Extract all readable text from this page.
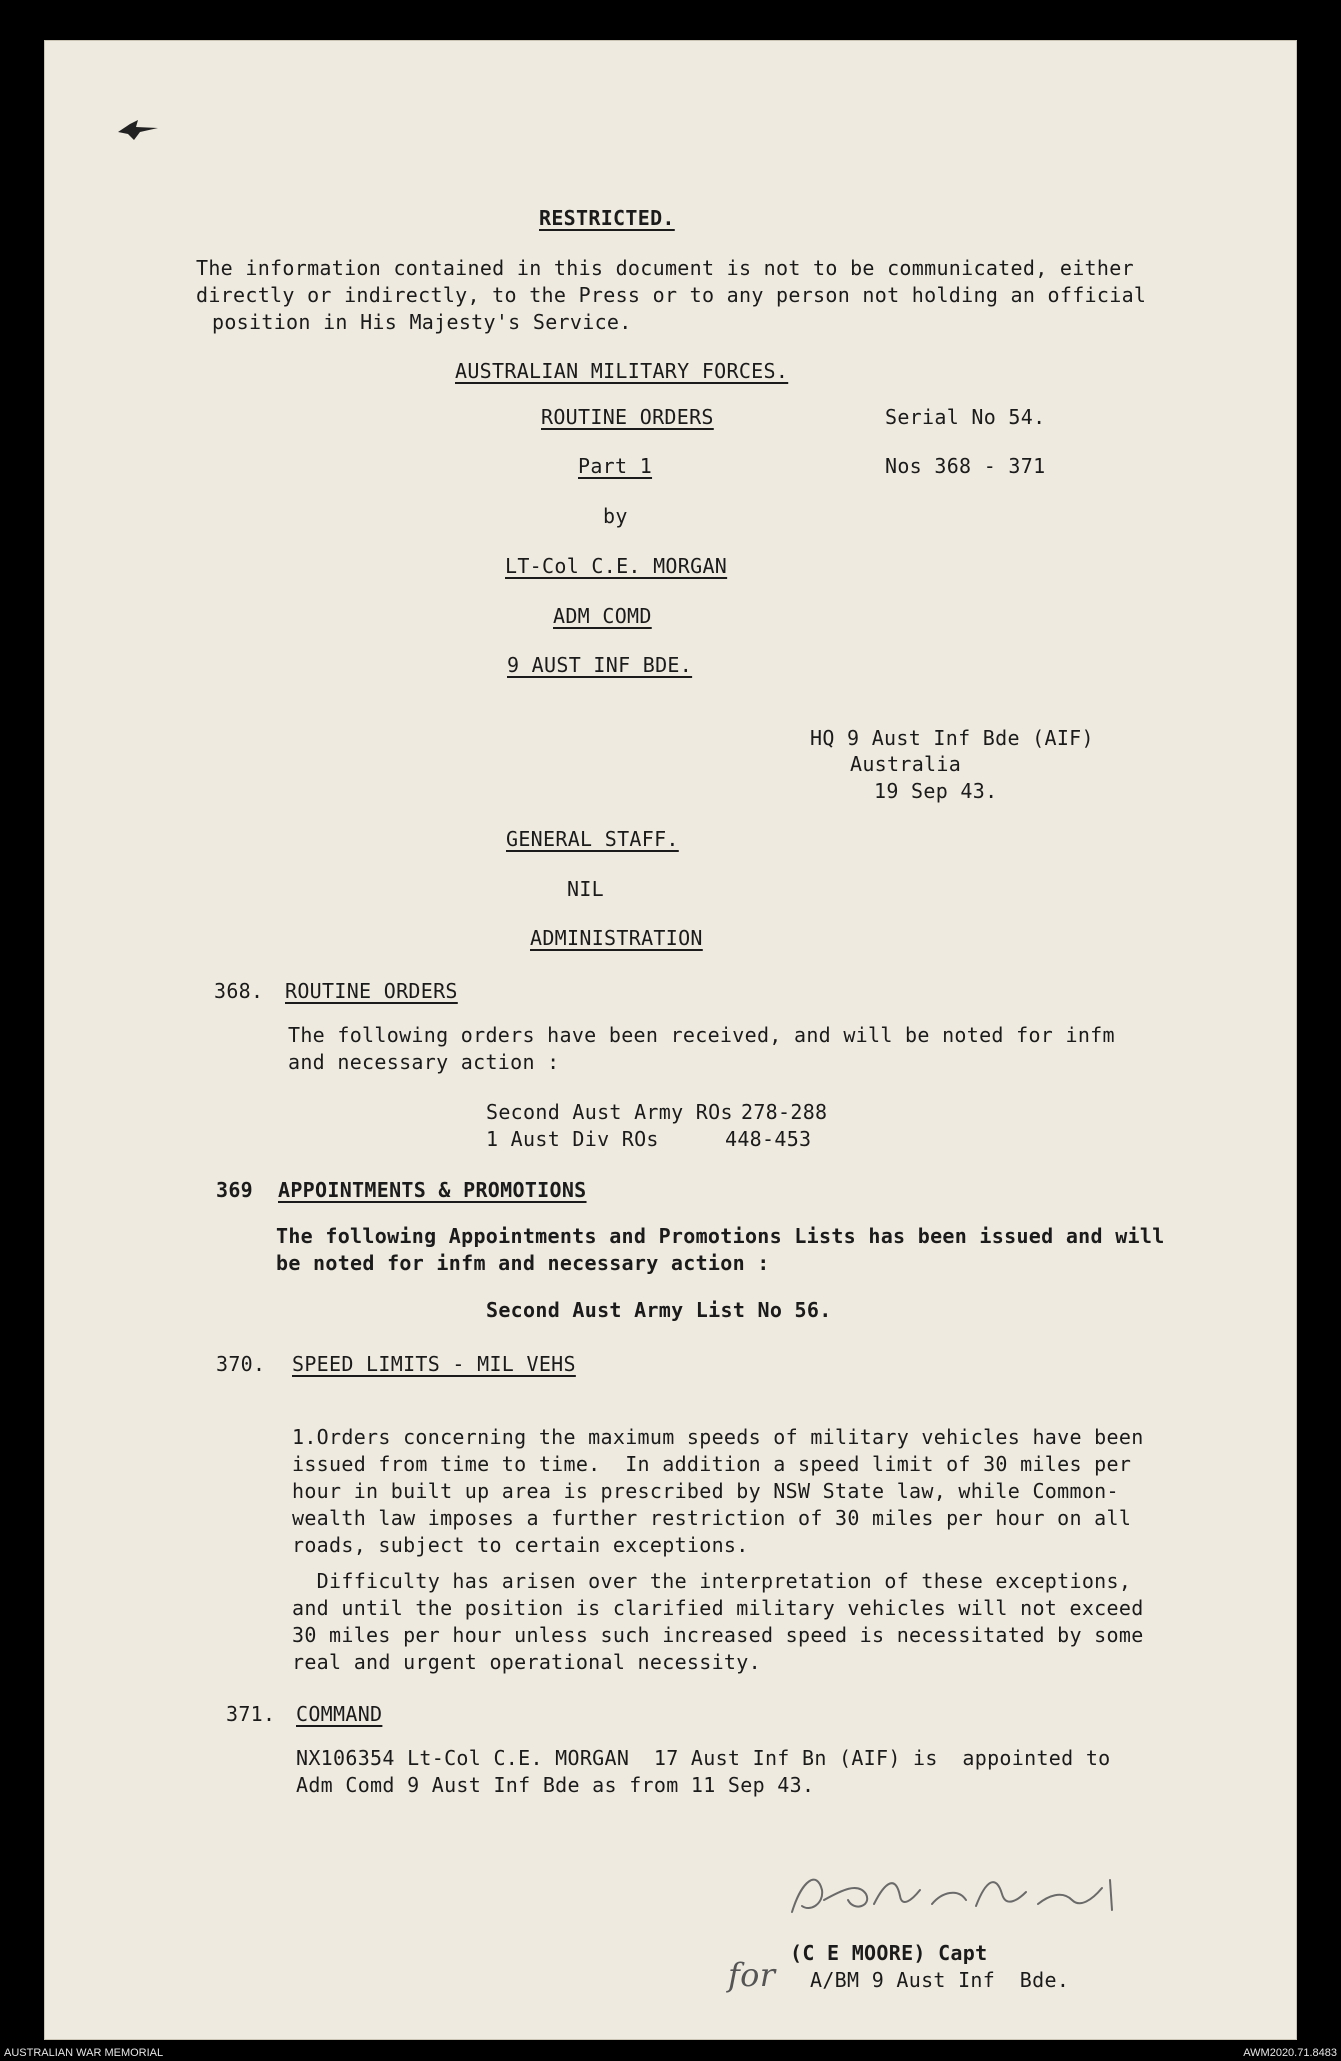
RESTRICTED.
The information contained in this document is not to be communicated, either
directly or indirectly, to the Press or to any person not holding an official
position in His Majesty's Service.
AUSTRALIAN MILITARY FORCES.
ROUTINE ORDERS	Serial No 54.
Part 1	Nos 368 - 371
by
LT-Col C.E. MORGAN
ADM COMD
9 AUST INF BDE.
HQ 9 Aust Inf Bde (AIF)
Australia
19 Sep 43.
GENERAL STAFF.
NIL
ADMINISTRATION
368. ROUTINE ORDERS
The following orders have been received, and will be noted for infm
and necessary action :
Second Aust Army ROs 278-288
1 Aust Div ROs	448-453
369 APPOINTMENTS & PROMOTIONS
The following Appointments and Promotions Lists has been issued and will
be noted for infm and necessary action :
Second Aust Army List No 56.
370. SPEED LIMITS - MIL VEHS
1.Orders concerning the maximum speeds of military vehicles have been
issued from time to time.  In addition a speed limit of 30 miles per
hour in built up area is prescribed by NSW State law, while Common-
wealth law imposes a further restriction of 30 miles per hour on all
roads, subject to certain exceptions.
Difficulty has arisen over the interpretation of these exceptions,
and until the position is clarified military vehicles will not exceed
30 miles per hour unless such increased speed is necessitated by some
real and urgent operational necessity.
371. COMMAND
NX106354 Lt-Col C.E. MORGAN  17 Aust Inf Bn (AIF) is  appointed to
Adm Comd 9 Aust Inf Bde as from 11 Sep 43.
(C E MOORE) Capt
for A/BM 9 Aust Inf  Bde.
AUSTRALIAN WAR MEMORIAL	AWM2020.71.8483
